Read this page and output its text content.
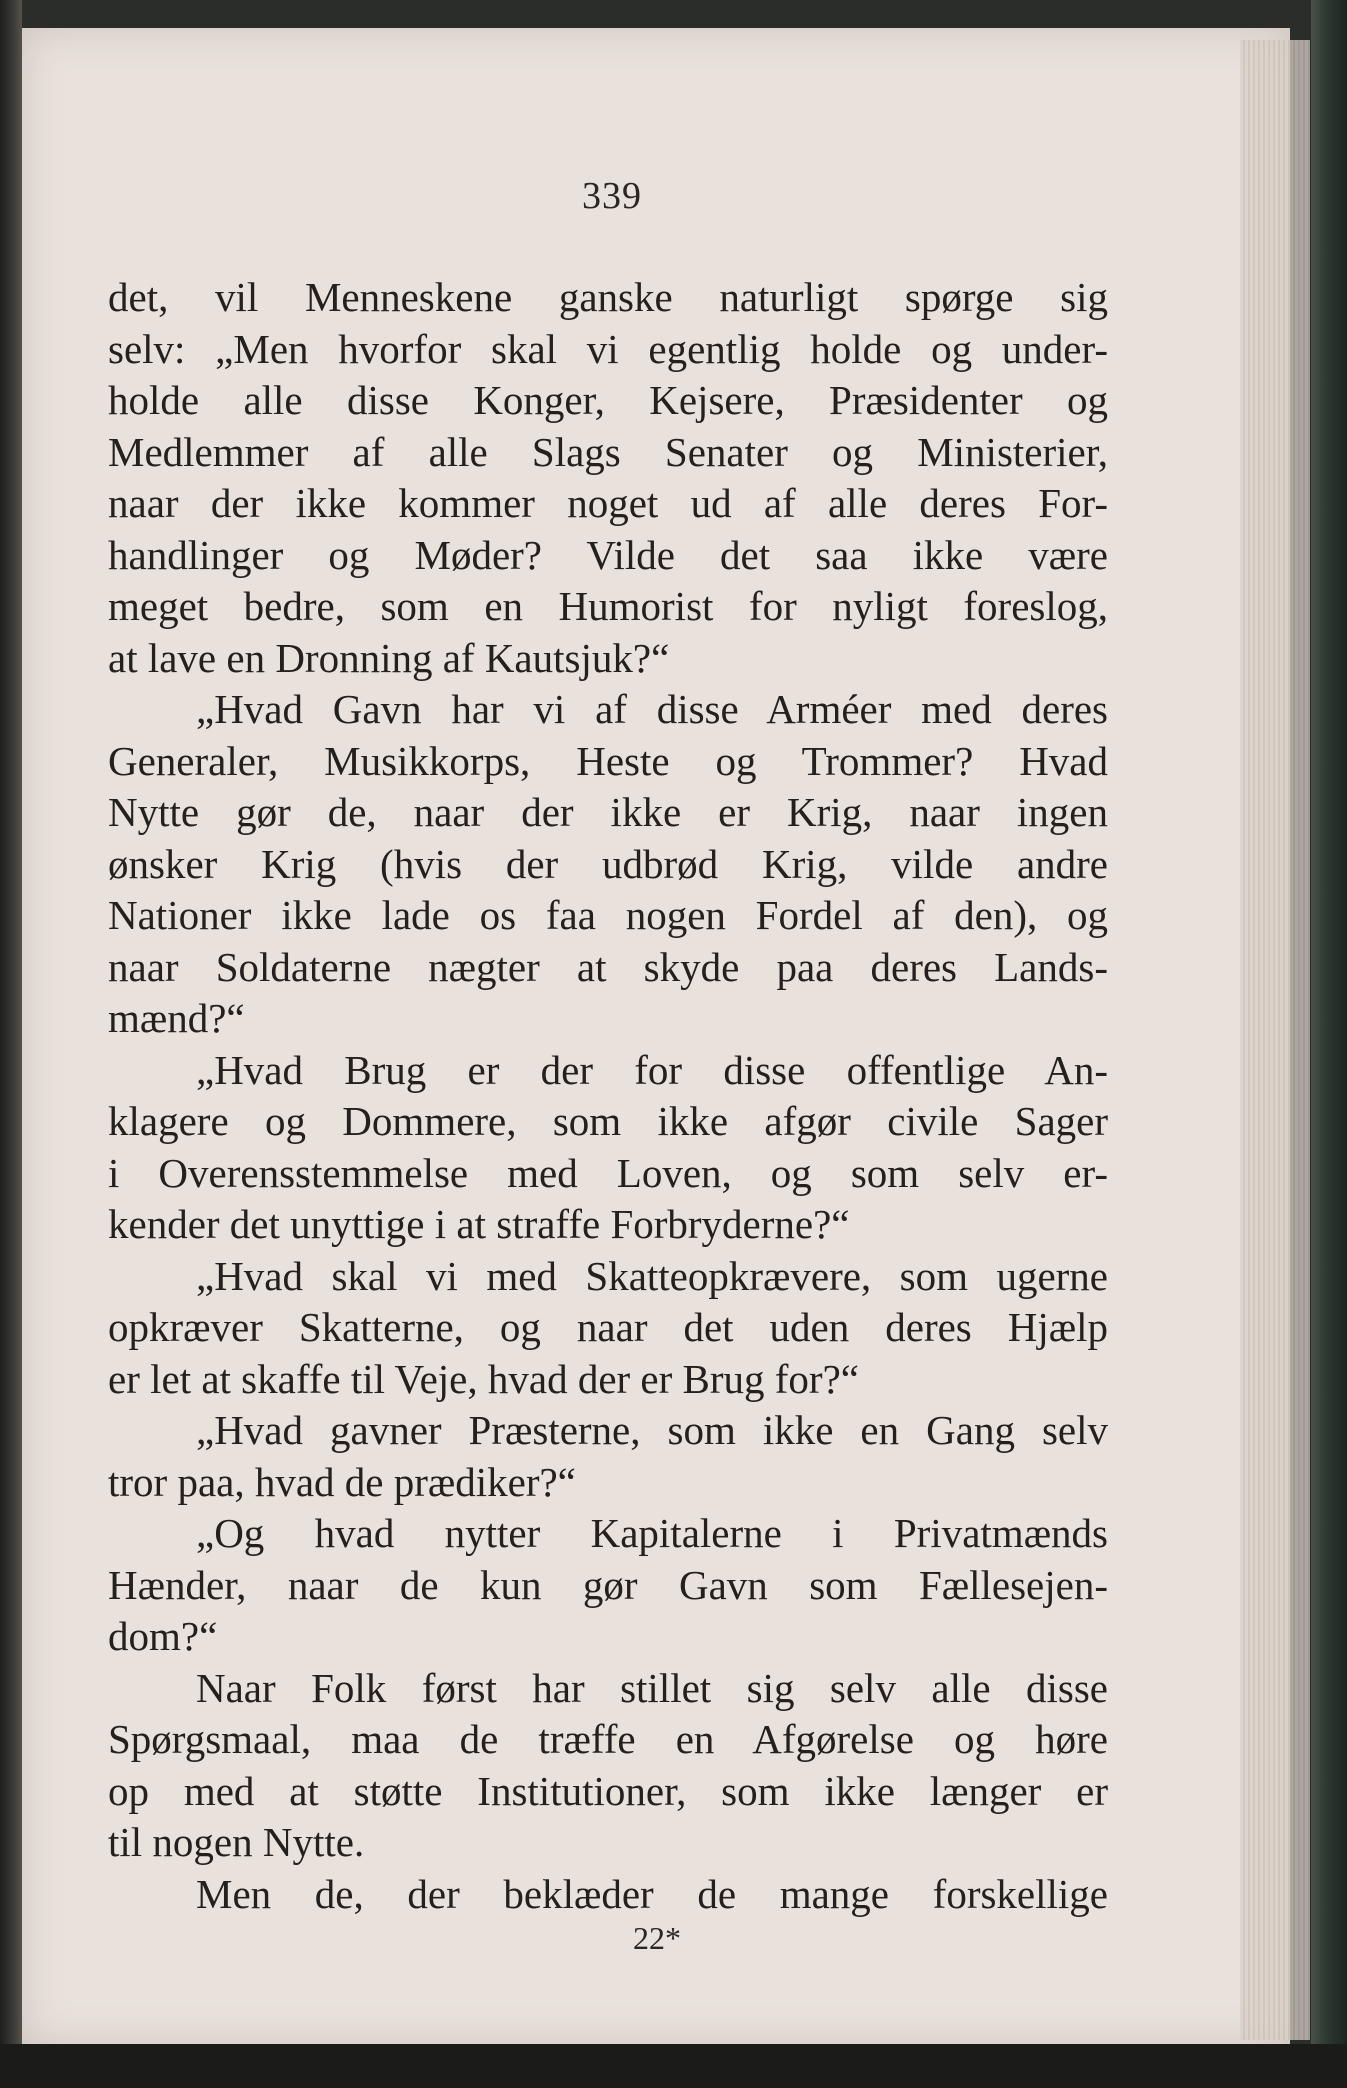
339
det, vil Menneskene ganske naturligt spørge sig
selv: „Men hvorfor skal vi egentlig holde og under-
holde alle disse Konger, Kejsere, Præsidenter og
Medlemmer af alle Slags Senater og Ministerier,
naar der ikke kommer noget ud af alle deres For-
handlinger og Møder? Vilde det saa ikke være
meget bedre, som en Humorist for nyligt foreslog,
at lave en Dronning af Kautsjuk?“
„Hvad Gavn har vi af disse Arméer med deres
Generaler, Musikkorps, Heste og Trommer? Hvad
Nytte gør de, naar der ikke er Krig, naar ingen
ønsker Krig (hvis der udbrød Krig, vilde andre
Nationer ikke lade os faa nogen Fordel af den), og
naar Soldaterne nægter at skyde paa deres Lands-
mænd?“
„Hvad Brug er der for disse offentlige An-
klagere og Dommere, som ikke afgør civile Sager
i Overensstemmelse med Loven, og som selv er-
kender det unyttige i at straffe Forbryderne?“
„Hvad skal vi med Skatteopkrævere, som ugerne
opkræver Skatterne, og naar det uden deres Hjælp
er let at skaffe til Veje, hvad der er Brug for?“
„Hvad gavner Præsterne, som ikke en Gang selv
tror paa, hvad de prædiker?“
„Og hvad nytter Kapitalerne i Privatmænds
Hænder, naar de kun gør Gavn som Fællesejen-
dom?“
Naar Folk først har stillet sig selv alle disse
Spørgsmaal, maa de træffe en Afgørelse og høre
op med at støtte Institutioner, som ikke længer er
til nogen Nytte.
Men de, der beklæder de mange forskellige
22*
